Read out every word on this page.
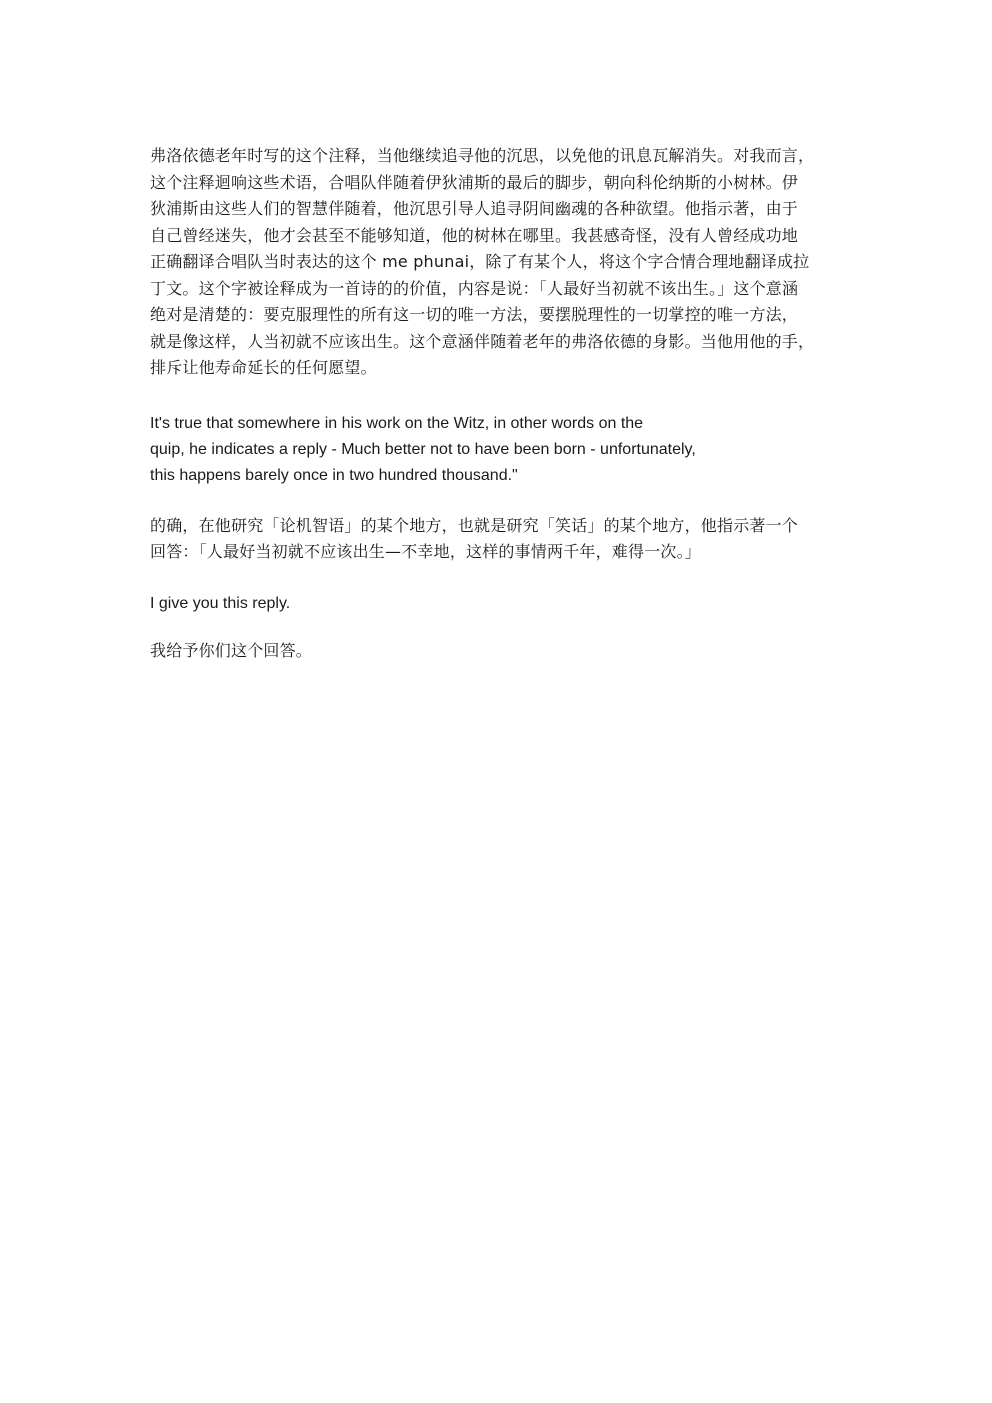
弗洛依德老年时写的这个注释，当他继续追寻他的沉思，以免他的讯息瓦解消失。对我而言，
这个注释迴响这些术语，合唱队伴随着伊狄浦斯的最后的脚步，朝向科伦纳斯的小树林。伊
狄浦斯由这些人们的智慧伴随着，他沉思引导人追寻阴间幽魂的各种欲望。他指示著，由于
自己曾经迷失，他才会甚至不能够知道，他的树林在哪里。我甚感奇怪，没有人曾经成功地
正确翻译合唱队当时表达的这个 me phunai，除了有某个人，将这个字合情合理地翻译成拉
丁文。这个字被诠释成为一首诗的的价值，内容是说：「人最好当初就不该出生。」这个意涵
绝对是清楚的：要克服理性的所有这一切的唯一方法，要摆脱理性的一切掌控的唯一方法，
就是像这样，人当初就不应该出生。这个意涵伴随着老年的弗洛依德的身影。当他用他的手，
排斥让他寿命延长的任何愿望。
It's true that somewhere in his work on the Witz, in other words on the
quip, he indicates a reply - Much better not to have been born - unfortunately,
this happens barely once in two hundred thousand."
的确，在他研究「论机智语」的某个地方，也就是研究「笑话」的某个地方，他指示著一个
回答：「人最好当初就不应该出生—不幸地，这样的事情两千年，难得一次。」
I give you this reply.
我给予你们这个回答。
